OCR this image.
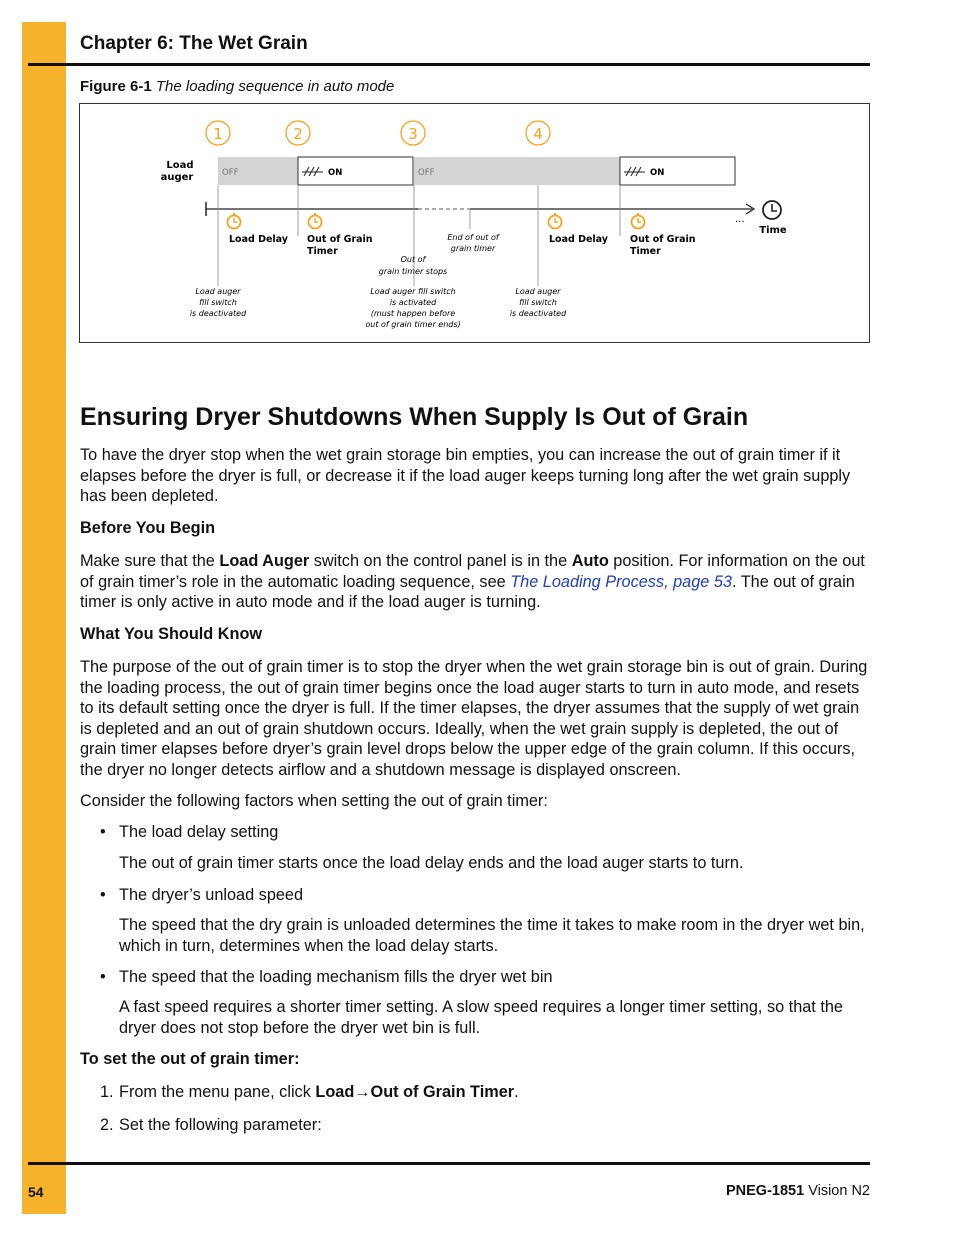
Chapter 6: The Wet Grain
Figure 6-1 The loading sequence in auto mode
1	2	3	4
Load
auger	OFF	ON	OFF	ON
...
Time
Load Delay Out of Grain
Timer
Load Delay Out of Grain
Timer
End of out of
grain timer
Out of
grain timer stops
Load auger
fill switch
is deactivated
Load auger fill switch
is activated
(must happen before
out of grain timer ends)
Load auger
fill switch
is deactivated
Ensuring Dryer Shutdowns When Supply Is Out of Grain
To have the dryer stop when the wet grain storage bin empties, you can increase the out of grain timer if it elapses before the dryer is full, or decrease it if the load auger keeps turning long after the wet grain supply has been depleted.
Before You Begin
Make sure that the Load Auger switch on the control panel is in the Auto position. For information on the out of grain timer’s role in the automatic loading sequence, see The Loading Process, page 53. The out of grain timer is only active in auto mode and if the load auger is turning.
What You Should Know
The purpose of the out of grain timer is to stop the dryer when the wet grain storage bin is out of grain. During the loading process, the out of grain timer begins once the load auger starts to turn in auto mode, and resets to its default setting once the dryer is full. If the timer elapses, the dryer assumes that the supply of wet grain is depleted and an out of grain shutdown occurs. Ideally, when the wet grain supply is depleted, the out of grain timer elapses before dryer’s grain level drops below the upper edge of the grain column. If this occurs, the dryer no longer detects airflow and a shutdown message is displayed onscreen.
Consider the following factors when setting the out of grain timer:
• The load delay setting
The out of grain timer starts once the load delay ends and the load auger starts to turn.
• The dryer’s unload speed
The speed that the dry grain is unloaded determines the time it takes to make room in the dryer wet bin, which in turn, determines when the load delay starts.
• The speed that the loading mechanism fills the dryer wet bin
A fast speed requires a shorter timer setting. A slow speed requires a longer timer setting, so that the dryer does not stop before the dryer wet bin is full.
To set the out of grain timer:
1. From the menu pane, click Load→Out of Grain Timer.
2. Set the following parameter:
54	PNEG-1851 Vision N2
